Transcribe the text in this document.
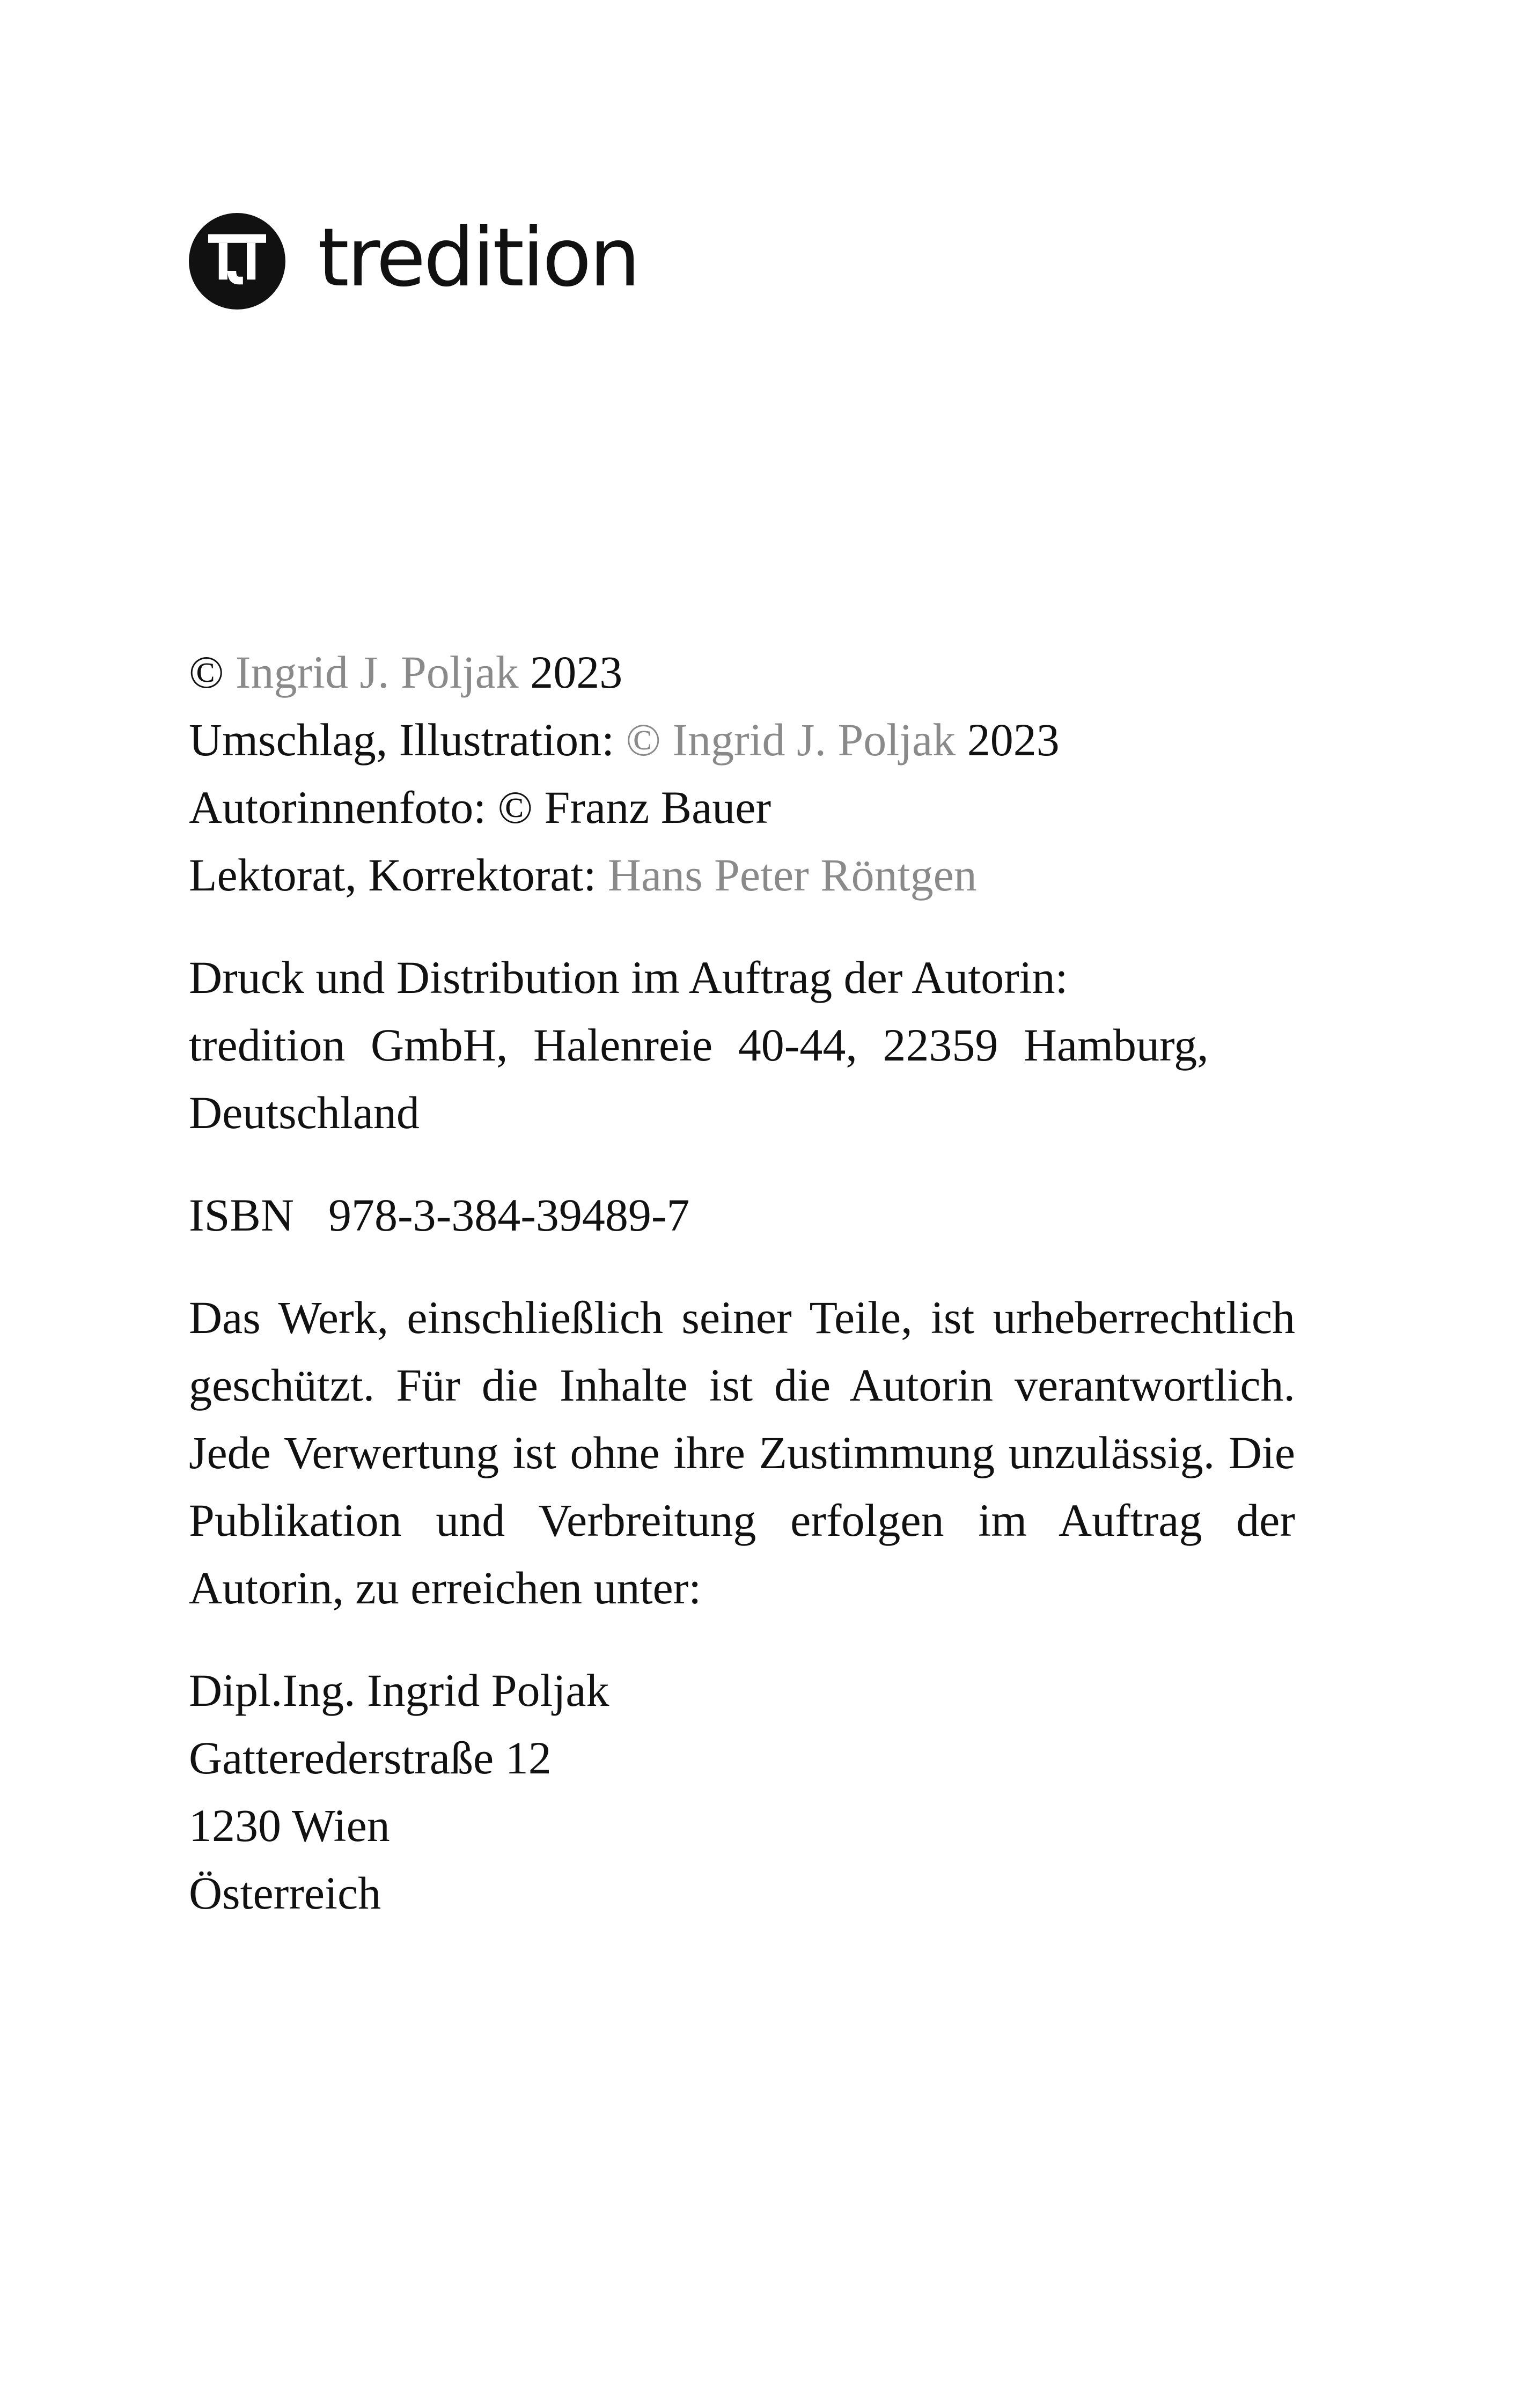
tredition
© Ingrid J. Poljak 2023
Umschlag, Illustration: © Ingrid J. Poljak 2023
Autorinnenfoto: © Franz Bauer
Lektorat, Korrektorat: Hans Peter Röntgen
Druck und Distribution im Auftrag der Autorin:
tredition GmbH, Halenreie 40-44, 22359 Hamburg,
Deutschland
ISBN 978-3-384-39489-7
Das Werk, einschließlich seiner Teile, ist urheberrechtlich geschützt. Für die Inhalte ist die Autorin verantwortlich. Jede Verwertung ist ohne ihre Zustimmung unzulässig. Die Publikation und Verbreitung erfolgen im Auftrag der Autorin, zu erreichen unter:
Dipl.Ing. Ingrid Poljak
Gatterederstraße 12
1230 Wien
Österreich
